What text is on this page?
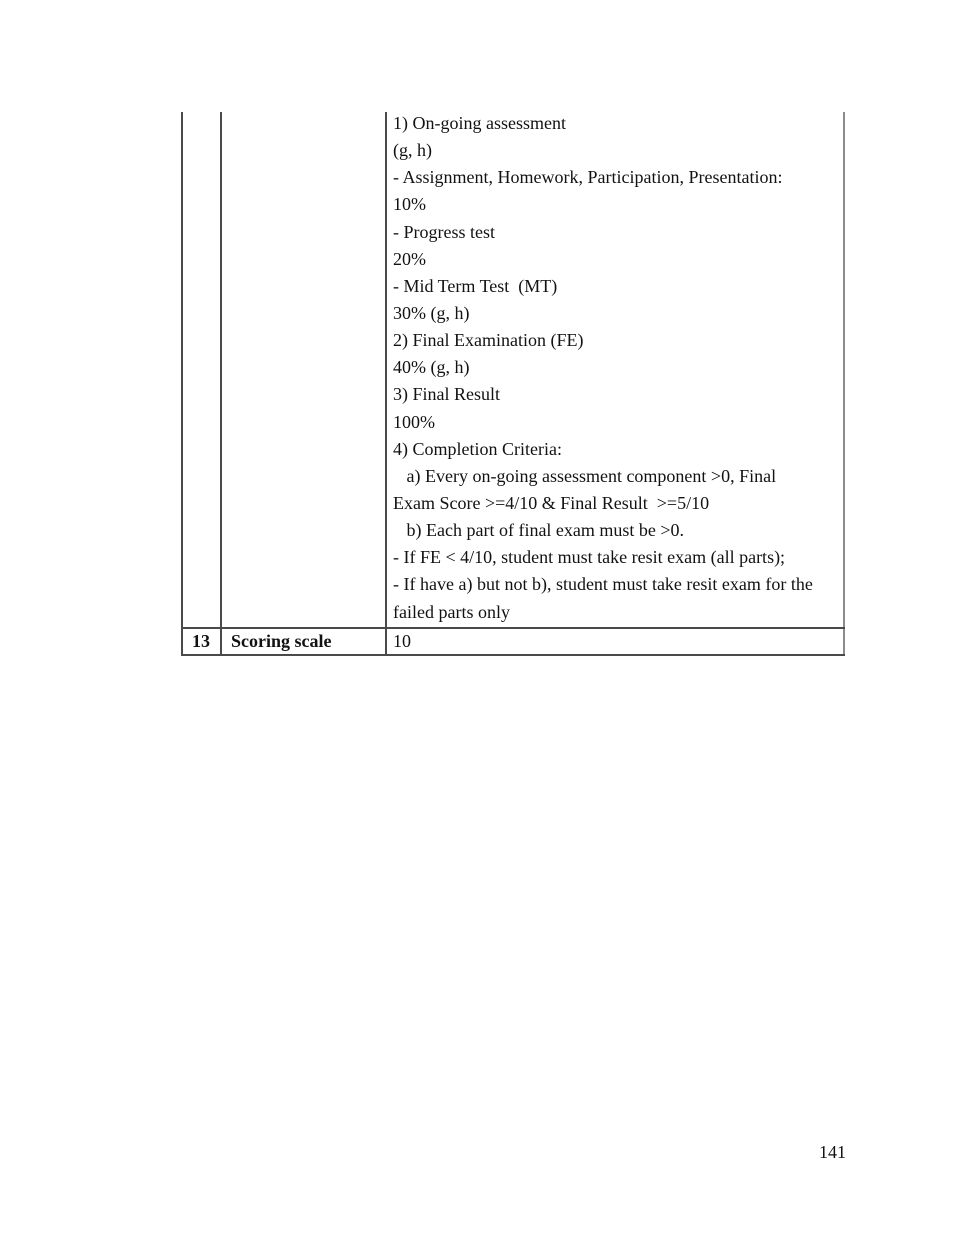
1) On-going assessment
(g, h)
- Assignment, Homework, Participation, Presentation:
10%
- Progress test
20%
- Mid Term Test  (MT)
30% (g, h)
2) Final Examination (FE)
40% (g, h)
3) Final Result
100%
4) Completion Criteria:
a) Every on-going assessment component >0, Final
Exam Score >=4/10 & Final Result  >=5/10
b) Each part of final exam must be >0.
- If FE < 4/10, student must take resit exam (all parts);
- If have a) but not b), student must take resit exam for the
failed parts only
13	Scoring scale	10
141
